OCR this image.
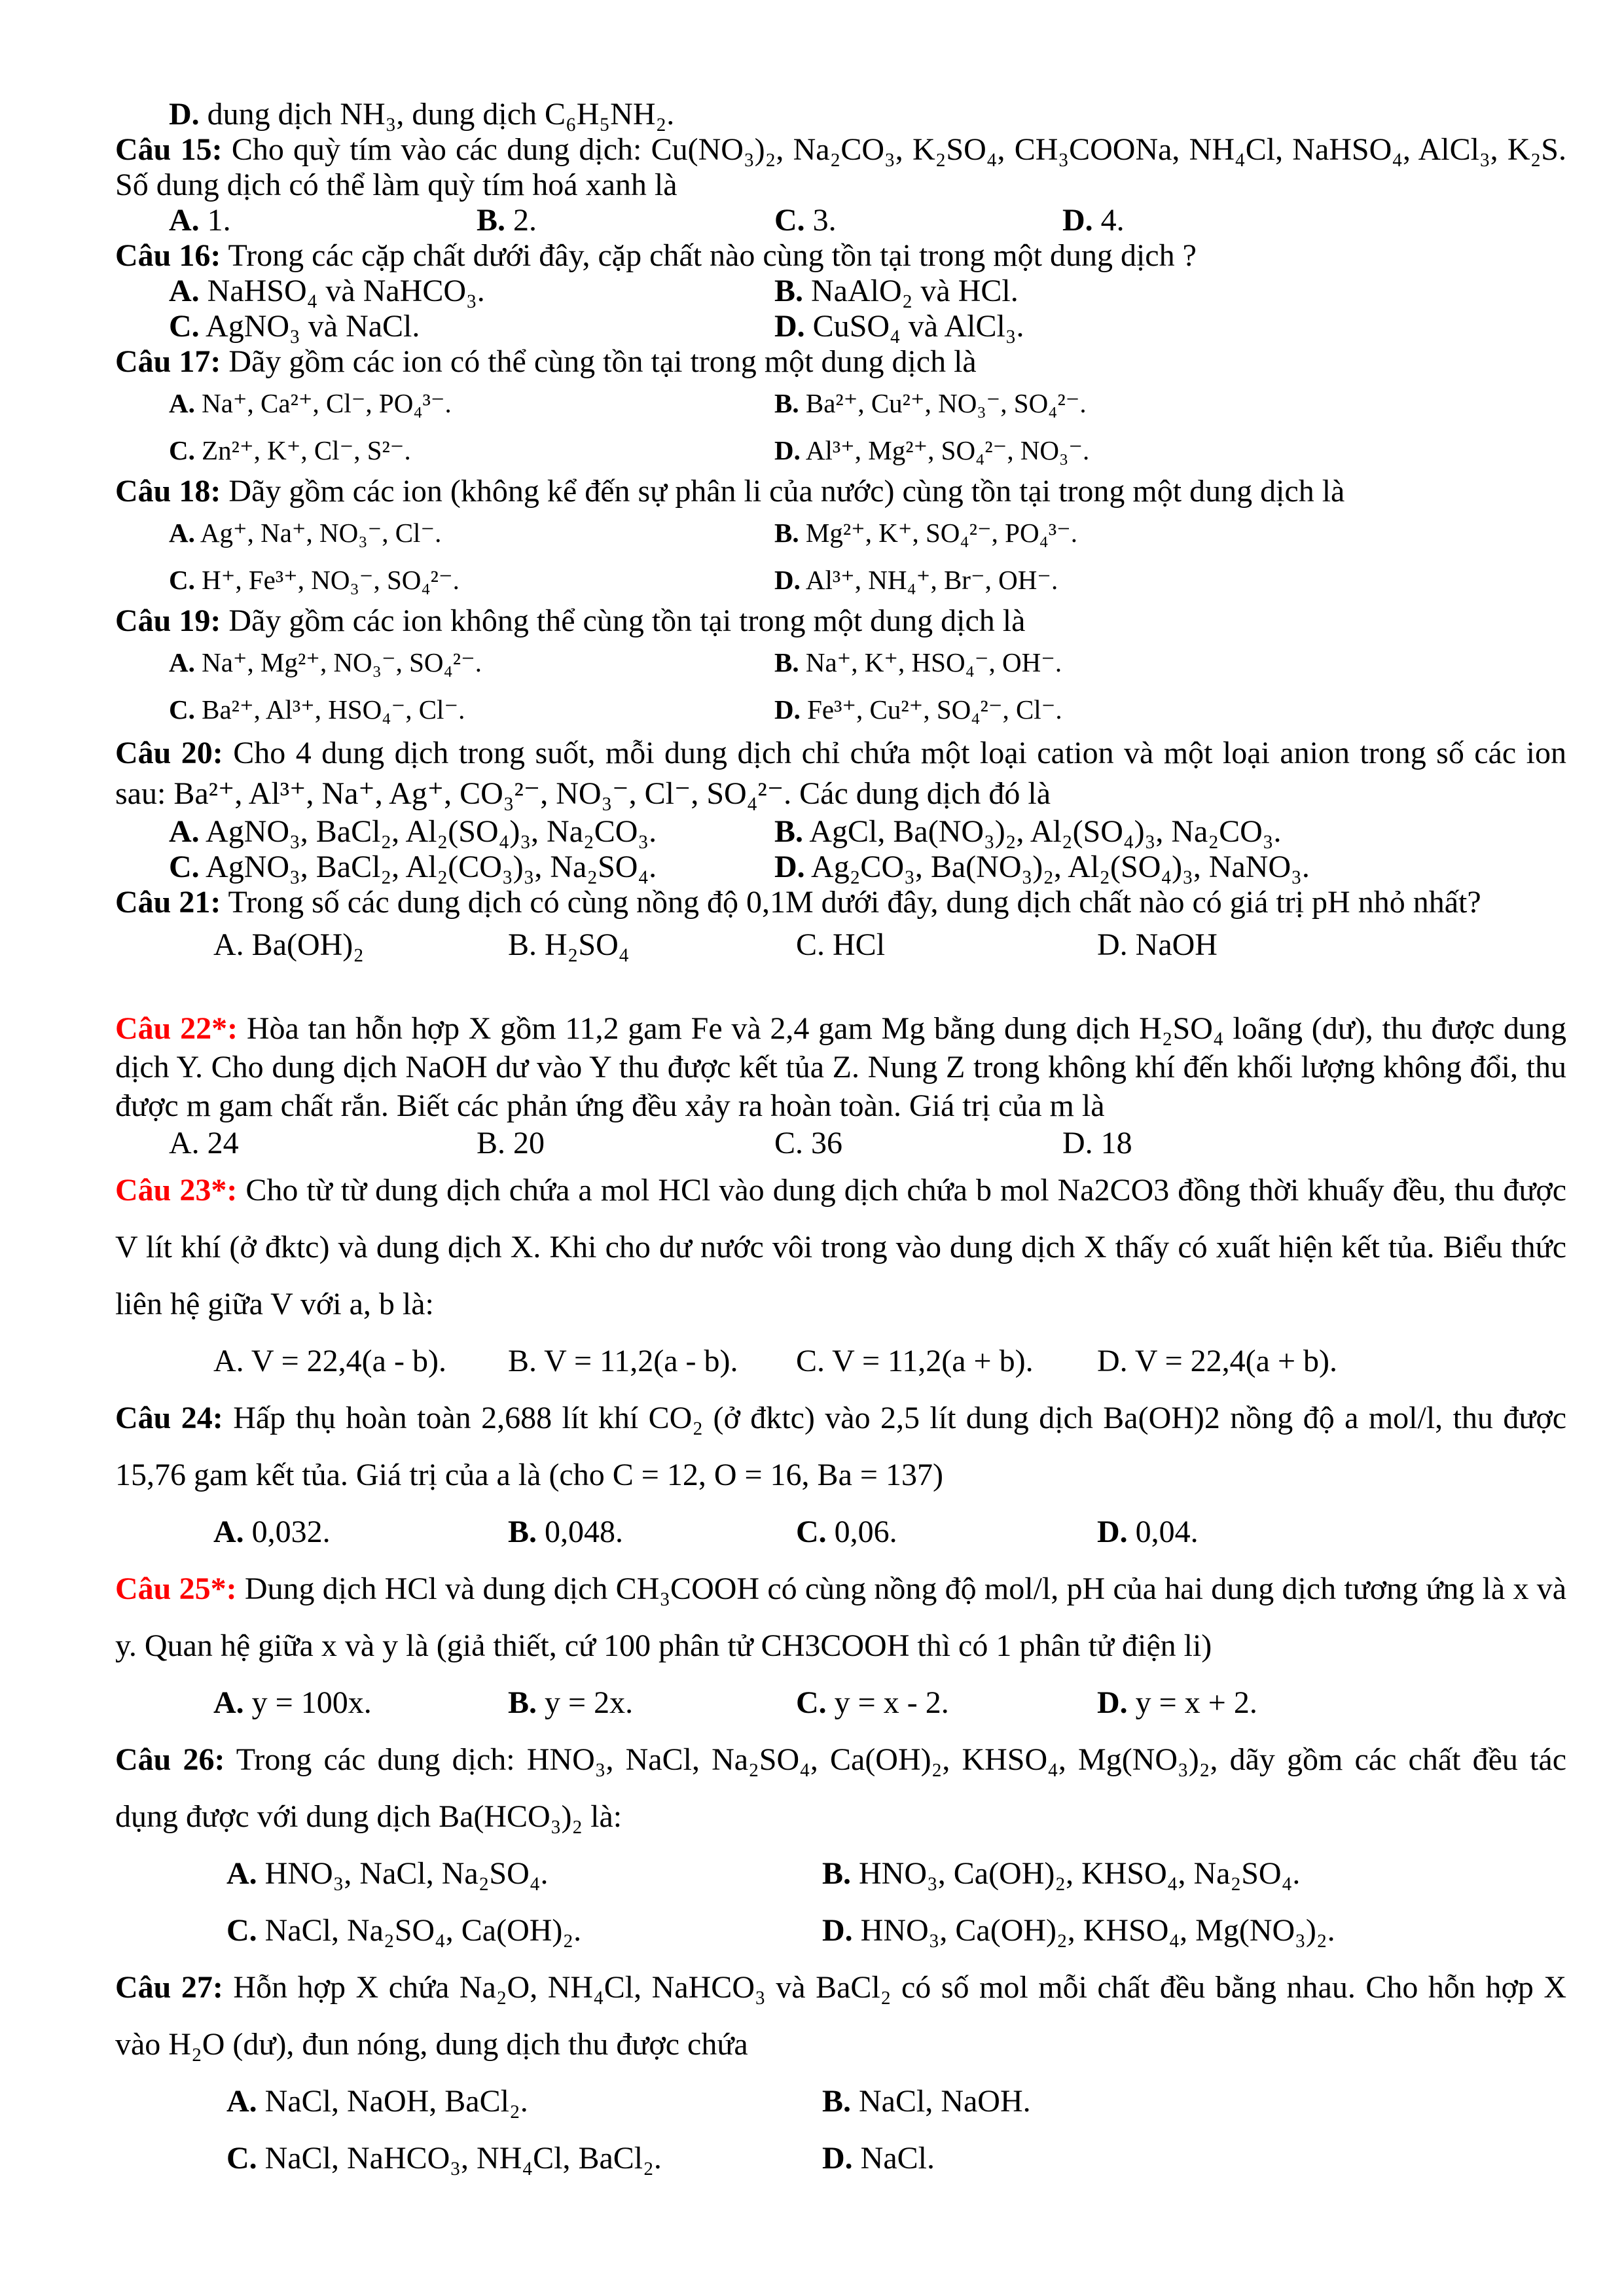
D. dung dịch NH₃, dung dịch C₆H₅NH₂.

Câu 15: Cho quỳ tím vào các dung dịch: Cu(NO₃)₂, Na₂CO₃, K₂SO₄, CH₃COONa, NH₄Cl, NaHSO₄, AlCl₃, K₂S. Số dung dịch có thể làm quỳ tím hoá xanh là

A. 1.	B. 2.	C. 3.	D. 4.

Câu 16: Trong các cặp chất dưới đây, cặp chất nào cùng tồn tại trong một dung dịch ?

A. NaHSO₄ và NaHCO₃.	B. NaAlO₂ và HCl.
C. AgNO₃ và NaCl.	D. CuSO₄ và AlCl₃.

Câu 17: Dãy gồm các ion có thể cùng tồn tại trong một dung dịch là

A. Na⁺, Ca²⁺, Cl⁻, PO₄³⁻.	B. Ba²⁺, Cu²⁺, NO₃⁻, SO₄²⁻.
C. Zn²⁺, K⁺, Cl⁻, S²⁻.	D. Al³⁺, Mg²⁺, SO₄²⁻, NO₃⁻.

Câu 18: Dãy gồm các ion (không kể đến sự phân li của nước) cùng tồn tại trong một dung dịch là

A. Ag⁺, Na⁺, NO₃⁻, Cl⁻.	B. Mg²⁺, K⁺, SO₄²⁻, PO₄³⁻.
C. H⁺, Fe³⁺, NO₃⁻, SO₄²⁻.	D. Al³⁺, NH₄⁺, Br⁻, OH⁻.

Câu 19: Dãy gồm các ion không thể cùng tồn tại trong một dung dịch là

A. Na⁺, Mg²⁺, NO₃⁻, SO₄²⁻.	B. Na⁺, K⁺, HSO₄⁻, OH⁻.
C. Ba²⁺, Al³⁺, HSO₄⁻, Cl⁻.	D. Fe³⁺, Cu²⁺, SO₄²⁻, Cl⁻.

Câu 20: Cho 4 dung dịch trong suốt, mỗi dung dịch chỉ chứa một loại cation và một loại anion trong số các ion sau: Ba²⁺, Al³⁺, Na⁺, Ag⁺, CO₃²⁻, NO₃⁻, Cl⁻, SO₄²⁻. Các dung dịch đó là

A. AgNO₃, BaCl₂, Al₂(SO₄)₃, Na₂CO₃.	B. AgCl, Ba(NO₃)₂, Al₂(SO₄)₃, Na₂CO₃.
C. AgNO₃, BaCl₂, Al₂(CO₃)₃, Na₂SO₄.	D. Ag₂CO₃, Ba(NO₃)₂, Al₂(SO₄)₃, NaNO₃.

Câu 21: Trong số các dung dịch có cùng nồng độ 0,1M dưới đây, dung dịch chất nào có giá trị pH nhỏ nhất?

A. Ba(OH)₂	B. H₂SO₄	C. HCl	D. NaOH

Câu 22*: Hòa tan hỗn hợp X gồm 11,2 gam Fe và 2,4 gam Mg bằng dung dịch H₂SO₄ loãng (dư), thu được dung dịch Y. Cho dung dịch NaOH dư vào Y thu được kết tủa Z. Nung Z trong không khí đến khối lượng không đổi, thu được m gam chất rắn. Biết các phản ứng đều xảy ra hoàn toàn. Giá trị của m là

A. 24	B. 20	C. 36	D. 18

Câu 23*: Cho từ từ dung dịch chứa a mol HCl vào dung dịch chứa b mol Na2CO3 đồng thời khuấy đều, thu được V lít khí (ở đktc) và dung dịch X. Khi cho dư nước vôi trong vào dung dịch X thấy có xuất hiện kết tủa. Biểu thức liên hệ giữa V với a, b là:

A. V = 22,4(a - b).	B. V = 11,2(a - b).	C. V = 11,2(a + b).	D. V = 22,4(a + b).

Câu 24: Hấp thụ hoàn toàn 2,688 lít khí CO₂ (ở đktc) vào 2,5 lít dung dịch Ba(OH)2 nồng độ a mol/l, thu được 15,76 gam kết tủa. Giá trị của a là (cho C = 12, O = 16, Ba = 137)

A. 0,032.	B. 0,048.	C. 0,06.	D. 0,04.

Câu 25*: Dung dịch HCl và dung dịch CH₃COOH có cùng nồng độ mol/l, pH của hai dung dịch tương ứng là x và y. Quan hệ giữa x và y là (giả thiết, cứ 100 phân tử CH3COOH thì có 1 phân tử điện li)

A. y = 100x.	B. y = 2x.	C. y = x - 2.	D. y = x + 2.

Câu 26: Trong các dung dịch: HNO₃, NaCl, Na₂SO₄, Ca(OH)₂, KHSO₄, Mg(NO₃)₂, dãy gồm các chất đều tác dụng được với dung dịch Ba(HCO₃)₂ là:

A. HNO₃, NaCl, Na₂SO₄.	B. HNO₃, Ca(OH)₂, KHSO₄, Na₂SO₄.
C. NaCl, Na₂SO₄, Ca(OH)₂.	D. HNO₃, Ca(OH)₂, KHSO₄, Mg(NO₃)₂.

Câu 27: Hỗn hợp X chứa Na₂O, NH₄Cl, NaHCO₃ và BaCl₂ có số mol mỗi chất đều bằng nhau. Cho hỗn hợp X vào H₂O (dư), đun nóng, dung dịch thu được chứa

A. NaCl, NaOH, BaCl₂.	B. NaCl, NaOH.
C. NaCl, NaHCO₃, NH₄Cl, BaCl₂.	D. NaCl.
